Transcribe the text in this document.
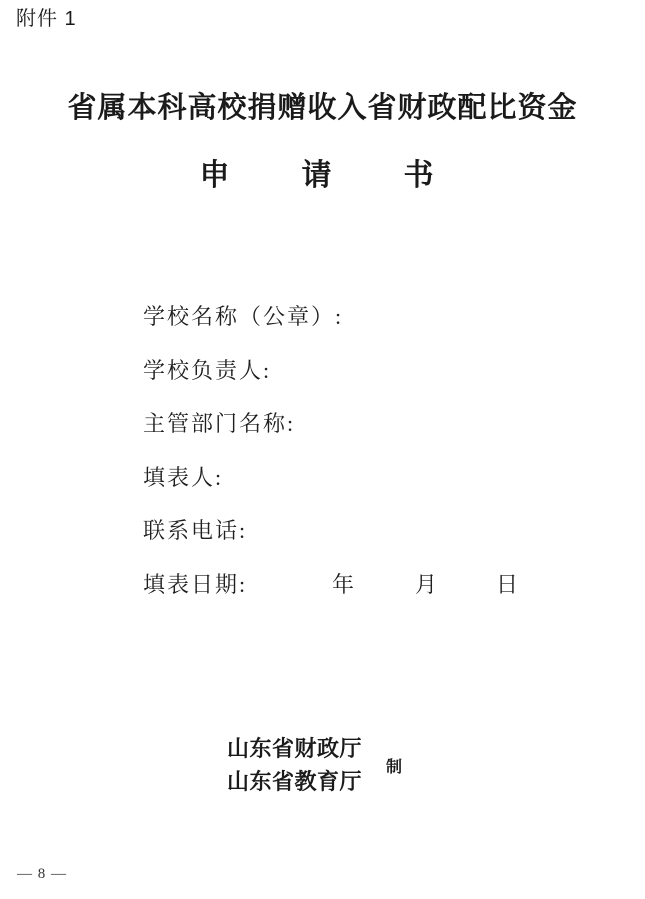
附件 1
省属本科高校捐赠收入省财政配比资金
申 请 书
学校名称（公章）:
学校负责人:
主管部门名称:
填表人:
联系电话:
填表日期:	年	月	日
山东省财政厅
山东省教育厅
制
— 8 —
